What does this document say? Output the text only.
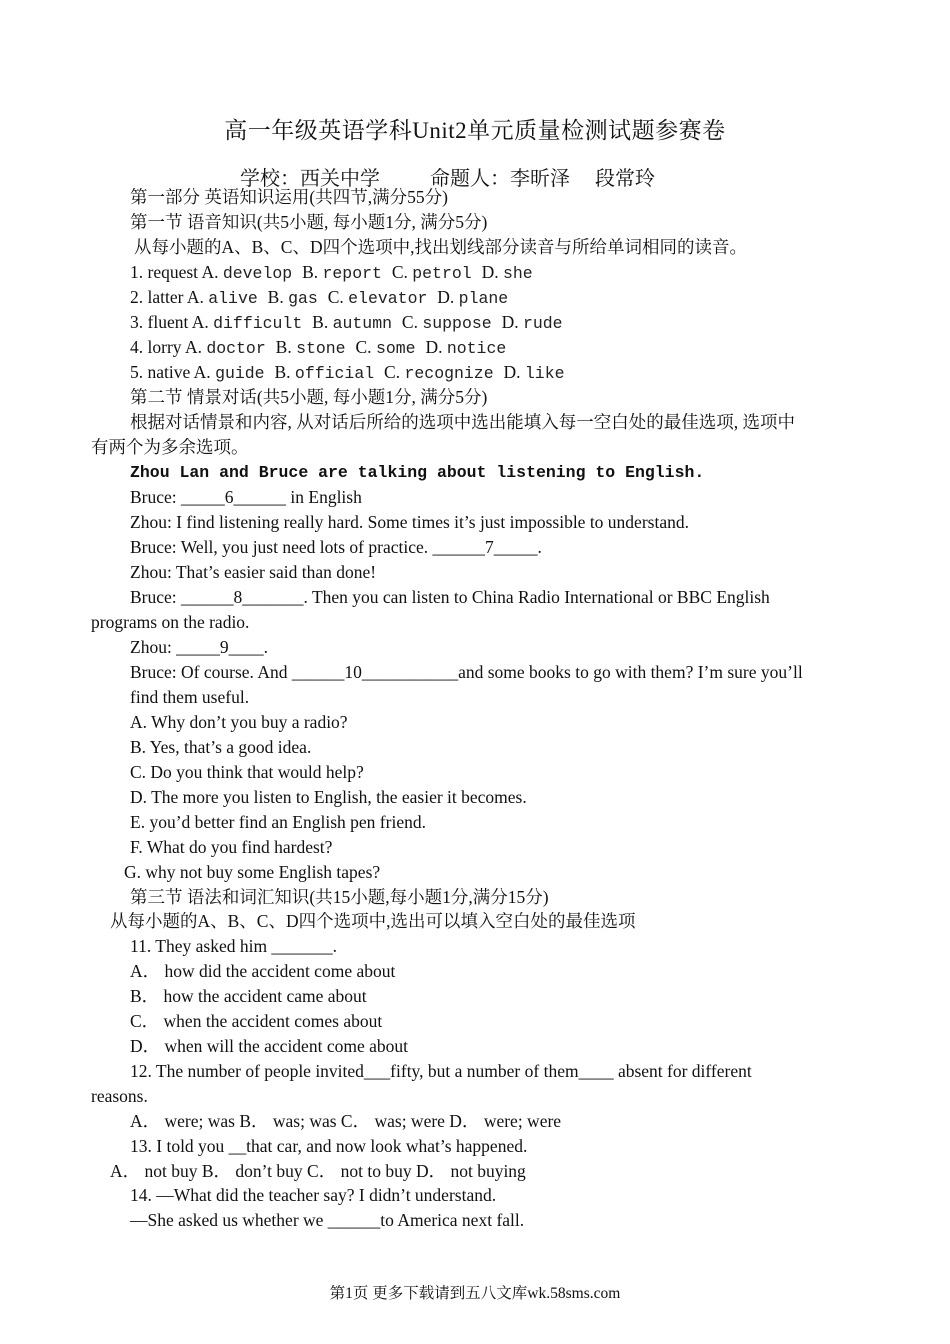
高一年级英语学科Unit2单元质量检测试题参赛卷
学校：西关中学          命题人：李昕泽     段常玲
第一部分 英语知识运用(共四节,满分55分)
第一节 语音知识(共5小题, 每小题1分, 满分5分)
从每小题的A、B、C、D四个选项中,找出划线部分读音与所给单词相同的读音。
1. request A. develop B. report C. petrol D. she
2. latter A. alive B. gas C. elevator D. plane
3. fluent A. difficult B. autumn C. suppose D. rude
4. lorry A. doctor B. stone C. some D. notice
5. native A. guide B. official C. recognize D. like
第二节 情景对话(共5小题, 每小题1分, 满分5分)
根据对话情景和内容, 从对话后所给的选项中选出能填入每一空白处的最佳选项, 选项中
有两个为多余选项。
Zhou Lan and Bruce are talking about listening to English.
Bruce: _____6______ in English
Zhou: I find listening really hard. Some times it’s just impossible to understand.
Bruce: Well, you just need lots of practice. ______7_____.
Zhou: That’s easier said than done!
Bruce: ______8_______. Then you can listen to China Radio International or BBC English
programs on the radio.
Zhou: _____9____.
Bruce: Of course. And ______10___________and some books to go with them? I’m sure you’ll
find them useful.
A. Why don’t you buy a radio?
B. Yes, that’s a good idea.
C. Do you think that would help?
D. The more you listen to English, the easier it becomes.
E. you’d better find an English pen friend.
F. What do you find hardest?
G. why not buy some English tapes?
第三节 语法和词汇知识(共15小题,每小题1分,满分15分)
从每小题的A、B、C、D四个选项中,选出可以填入空白处的最佳选项
11. They asked him _______.
A． how did the accident come about
B． how the accident came about
C． when the accident comes about
D． when will the accident come about
12. The number of people invited___fifty, but a number of them____ absent for different
reasons.
A． were; was B． was; was C． was; were D． were; were
13. I told you __that car, and now look what’s happened.
A． not buy B． don’t buy C． not to buy D． not buying
14. —What did the teacher say? I didn’t understand.
—She asked us whether we ______to America next fall.
第1页 更多下载请到五八文库wk.58sms.com
